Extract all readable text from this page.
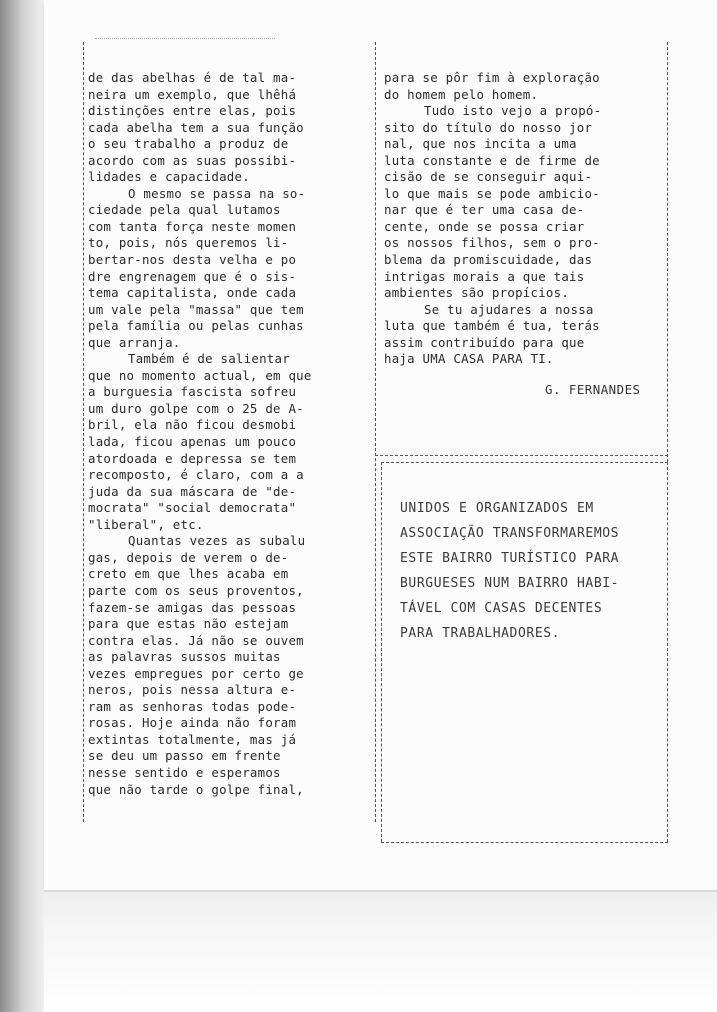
de das abelhas é de tal ma-
neira um exemplo, que lhêhá
distinções entre elas, pois
cada abelha tem a sua função
o seu trabalho a produz de
acordo com as suas possibi-
lidades e capacidade.
O mesmo se passa na so-
ciedade pela qual lutamos
com tanta força neste momen
to, pois, nós queremos li-
bertar-nos desta velha e po
dre engrenagem que é o sis-
tema capitalista, onde cada
um vale pela "massa" que tem
pela família ou pelas cunhas
que arranja.
Também é de salientar
que no momento actual, em que
a burguesia fascista sofreu
um duro golpe com o 25 de A-
bril, ela não ficou desmobi
lada, ficou apenas um pouco
atordoada e depressa se tem
recomposto, é claro, com a a
juda da sua máscara de "de-
mocrata" "social democrata"
"liberal", etc.
Quantas vezes as subalu
gas, depois de verem o de-
creto em que lhes acaba em
parte com os seus proventos,
fazem-se amigas das pessoas
para que estas não estejam
contra elas. Já não se ouvem
as palavras sussos muitas
vezes empregues por certo ge
neros, pois nessa altura e-
ram as senhoras todas pode-
rosas. Hoje ainda não foram
extintas totalmente, mas já
se deu um passo em frente
nesse sentido e esperamos
que não tarde o golpe final,
para se pôr fim à exploração
do homem pelo homem.
Tudo isto vejo a propó-
sito do título do nosso jor
nal, que nos incita a uma
luta constante e de firme de
cisão de se conseguir aqui-
lo que mais se pode ambicio-
nar que é ter uma casa de-
cente, onde se possa criar
os nossos filhos, sem o pro-
blema da promiscuidade, das
intrigas morais a que tais
ambientes são propícios.
Se tu ajudares a nossa
luta que também é tua, terás
assim contribuído para que
haja UMA CASA PARA TI.
G. FERNANDES
UNIDOS E ORGANIZADOS EM
ASSOCIAÇÃO TRANSFORMAREMOS
ESTE BAIRRO TURÍSTICO PARA
BURGUESES NUM BAIRRO HABI-
TÁVEL COM CASAS DECENTES
PARA TRABALHADORES.
